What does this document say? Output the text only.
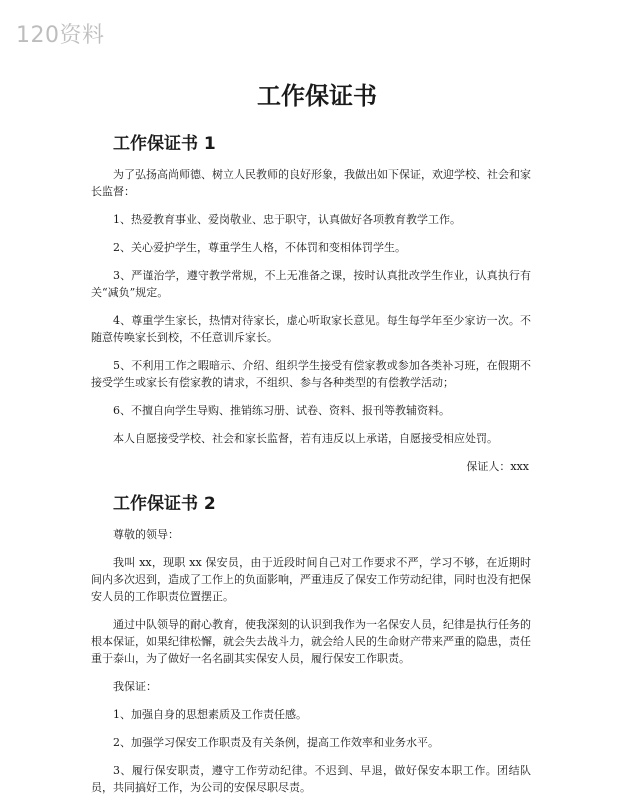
120资料
工作保证书
工作保证书 1

为了弘扬高尚师德、树立人民教师的良好形象，我做出如下保证，欢迎学校、社会和家长监督：

1、热爱教育事业、爱岗敬业、忠于职守，认真做好各项教育教学工作。

2、关心爱护学生，尊重学生人格，不体罚和变相体罚学生。

3、严谨治学，遵守教学常规，不上无准备之课，按时认真批改学生作业，认真执行有关“减负”规定。

4、尊重学生家长，热情对待家长，虚心听取家长意见。每生每学年至少家访一次。不随意传唤家长到校，不任意训斥家长。

5、不利用工作之暇暗示、介绍、组织学生接受有偿家教或参加各类补习班，在假期不接受学生或家长有偿家教的请求，不组织、参与各种类型的有偿教学活动；

6、不擅自向学生导购、推销练习册、试卷、资料、报刊等教辅资料。

本人自愿接受学校、社会和家长监督，若有违反以上承诺，自愿接受相应处罚。

保证人：xxx

工作保证书 2

尊敬的领导：

我叫 xx，现职 xx 保安员，由于近段时间自己对工作要求不严，学习不够，在近期时间内多次迟到，造成了工作上的负面影响，严重违反了保安工作劳动纪律，同时也没有把保安人员的工作职责位置摆正。

通过中队领导的耐心教育，使我深刻的认识到我作为一名保安人员，纪律是执行任务的根本保证，如果纪律松懈，就会失去战斗力，就会给人民的生命财产带来严重的隐患，责任重于泰山，为了做好一名名副其实保安人员，履行保安工作职责。

我保证：

1、加强自身的思想素质及工作责任感。

2、加强学习保安工作职责及有关条例，提高工作效率和业务水平。

3、履行保安职责，遵守工作劳动纪律。不迟到、早退，做好保安本职工作。团结队员，共同搞好工作，为公司的安保尽职尽责。
